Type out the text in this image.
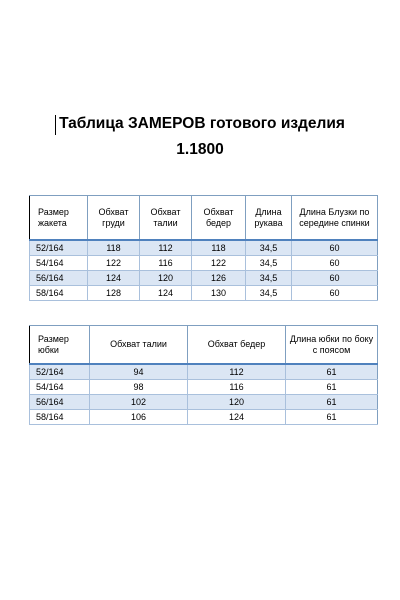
Таблица ЗАМЕРОВ готового изделия
1.1800
Размер жакета	Обхват груди	Обхват талии	Обхват бедер	Длина рукава	Длина Блузки по середине спинки
52/164	118	112	118	34,5	60
54/164	122	116	122	34,5	60
56/164	124	120	126	34,5	60
58/164	128	124	130	34,5	60
Размер юбки	Обхват талии	Обхват бедер	Длина юбки по боку с поясом
52/164	94	112	61
54/164	98	116	61
56/164	102	120	61
58/164	106	124	61
